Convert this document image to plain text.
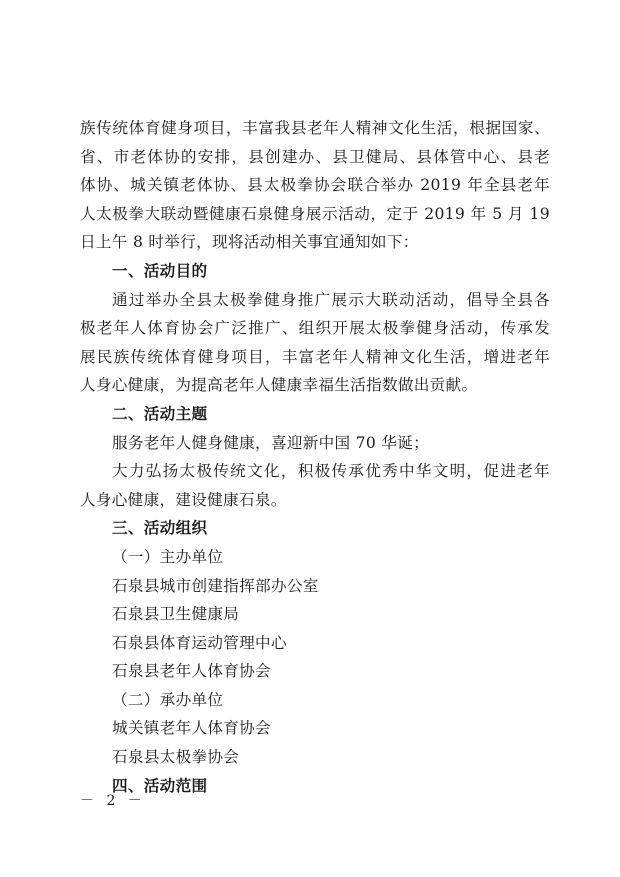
族传统体育健身项目，丰富我县老年人精神文化生活，根据国家、
省、市老体协的安排，县创建办、县卫健局、县体管中心、县老
体协、城关镇老体协、县太极拳协会联合举办 2019 年全县老年
人太极拳大联动暨健康石泉健身展示活动，定于 2019 年 5 月 19
日上午 8 时举行，现将活动相关事宜通知如下：
一、活动目的
通过举办全县太极拳健身推广展示大联动活动，倡导全县各
极老年人体育协会广泛推广、组织开展太极拳健身活动，传承发
展民族传统体育健身项目，丰富老年人精神文化生活，增进老年
人身心健康，为提高老年人健康幸福生活指数做出贡献。
二、活动主题
服务老年人健身健康，喜迎新中国 70 华诞；
大力弘扬太极传统文化，积极传承优秀中华文明，促进老年
人身心健康，建设健康石泉。
三、活动组织
（一）主办单位
石泉县城市创建指挥部办公室
石泉县卫生健康局
石泉县体育运动管理中心
石泉县老年人体育协会
（二）承办单位
城关镇老年人体育协会
石泉县太极拳协会
四、活动范围
－ 2 －
